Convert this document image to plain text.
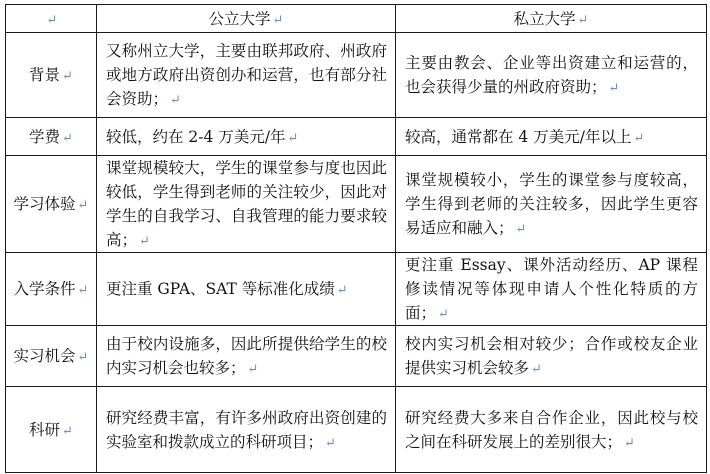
↵	公立大学 ↵	私立大学 ↵
背景 ↵	又称州立大学，主要由联邦政府、州政府或地方政府出资创办和运营，也有部分社会资助； ↵	主要由教会、企业等出资建立和运营的，也会获得少量的州政府资助； ↵
学费 ↵	较低，约在 2-4 万美元/年 ↵	较高，通常都在 4 万美元/年以上 ↵
学习体验 ↵	课堂规模较大，学生的课堂参与度也因此较低，学生得到老师的关注较少，因此对学生的自我学习、自我管理的能力要求较高； ↵	课堂规模较小，学生的课堂参与度较高，学生得到老师的关注较多，因此学生更容易适应和融入； ↵
入学条件 ↵	更注重 GPA、SAT 等标准化成绩 ↵	更注重 Essay、课外活动经历、AP 课程修读情况等体现申请人个性化特质的方面； ↵
实习机会 ↵	由于校内设施多，因此所提供给学生的校内实习机会也较多； ↵	校内实习机会相对较少；合作或校友企业提供实习机会较多 ↵
科研 ↵	研究经费丰富，有许多州政府出资创建的实验室和拨款成立的科研项目； ↵	研究经费大多来自合作企业，因此校与校之间在科研发展上的差别很大； ↵
